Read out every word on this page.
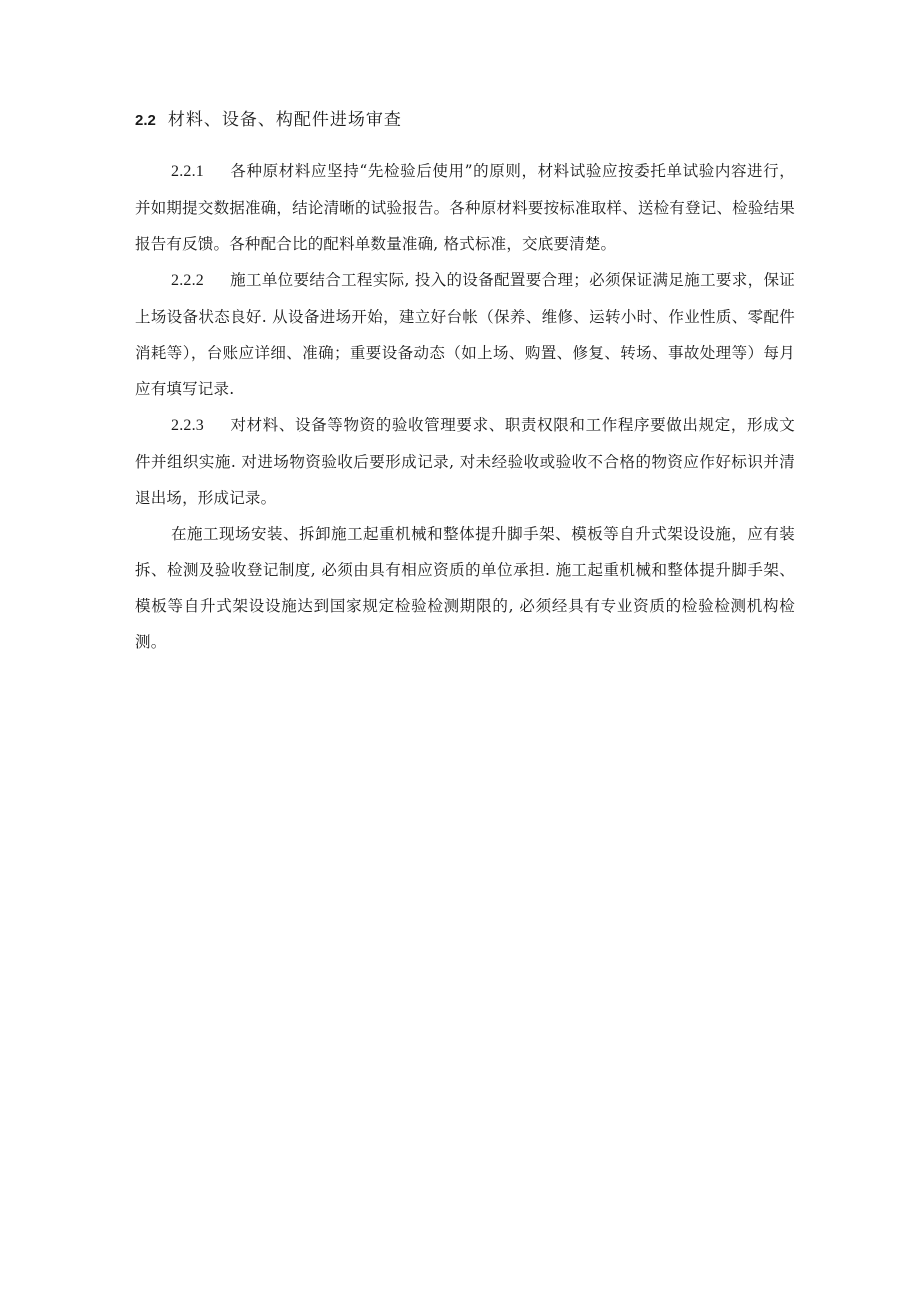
2.2 材料、设备、构配件进场审查

2.2.1 各种原材料应坚持“先检验后使用”的原则，材料试验应按委托单试验内容进行，并如期提交数据准确，结论清晰的试验报告。各种原材料要按标准取样、送检有登记、检验结果报告有反馈。各种配合比的配料单数量准确, 格式标准，交底要清楚。

2.2.2 施工单位要结合工程实际, 投入的设备配置要合理；必须保证满足施工要求，保证上场设备状态良好. 从设备进场开始，建立好台帐（保养、维修、运转小时、作业性质、零配件消耗等），台账应详细、准确；重要设备动态（如上场、购置、修复、转场、事故处理等）每月应有填写记录.

2.2.3 对材料、设备等物资的验收管理要求、职责权限和工作程序要做出规定，形成文件并组织实施. 对进场物资验收后要形成记录, 对未经验收或验收不合格的物资应作好标识并清退出场，形成记录。

在施工现场安装、拆卸施工起重机械和整体提升脚手架、模板等自升式架设设施，应有装拆、检测及验收登记制度, 必须由具有相应资质的单位承担. 施工起重机械和整体提升脚手架、模板等自升式架设设施达到国家规定检验检测期限的, 必须经具有专业资质的检验检测机构检测。
